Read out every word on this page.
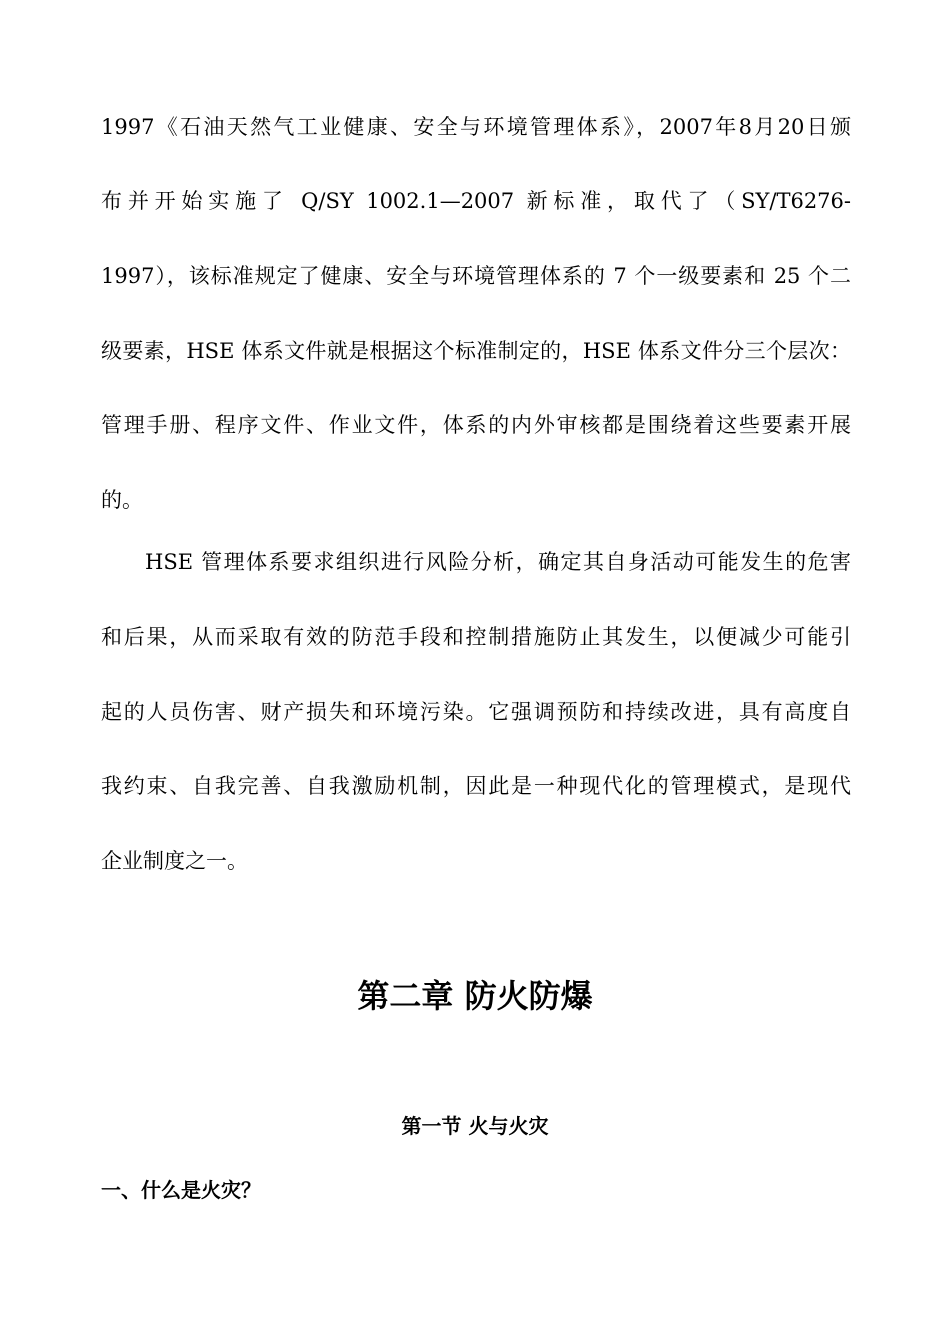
1997《石油天然气工业健康、安全与环境管理体系》，2007年8月20日颁
布并开始实施了 Q/SY 1002.1—2007 新标准，取代了（SY/T6276-
1997），该标准规定了健康、安全与环境管理体系的 7 个一级要素和 25 个二
级要素，HSE 体系文件就是根据这个标准制定的，HSE 体系文件分三个层次：
管理手册、程序文件、作业文件，体系的内外审核都是围绕着这些要素开展
的。
HSE 管理体系要求组织进行风险分析，确定其自身活动可能发生的危害
和后果，从而采取有效的防范手段和控制措施防止其发生，以便减少可能引
起的人员伤害、财产损失和环境污染。它强调预防和持续改进，具有高度自
我约束、自我完善、自我激励机制，因此是一种现代化的管理模式，是现代
企业制度之一。
第二章 防火防爆
第一节 火与火灾
一、什么是火灾？
